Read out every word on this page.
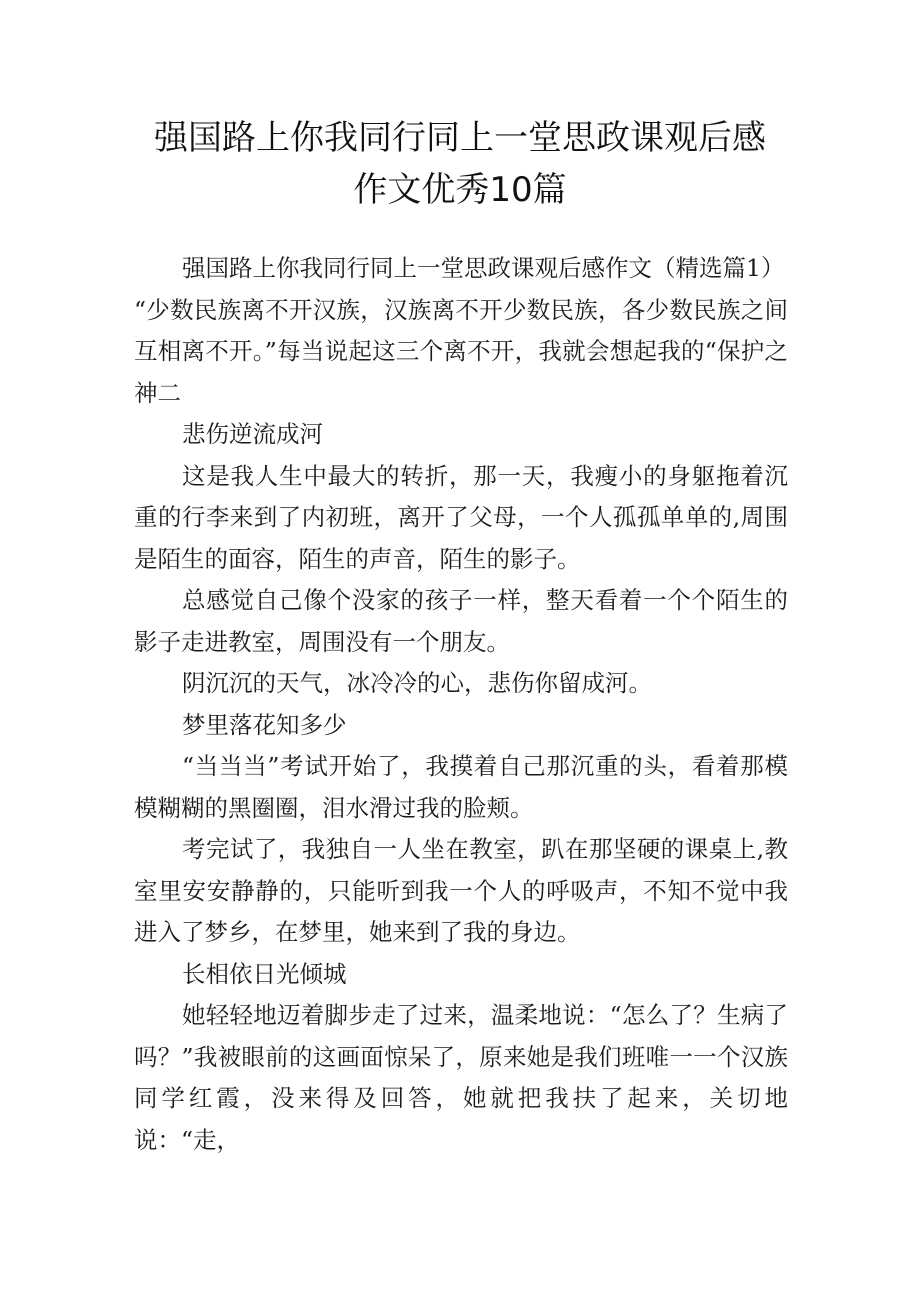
强国路上你我同行同上一堂思政课观后感
作文优秀10篇

强国路上你我同行同上一堂思政课观后感作文（精选篇1）

“少数民族离不开汉族，汉族离不开少数民族，各少数民族之间互相离不开。”每当说起这三个离不开，我就会想起我的“保护之神二

悲伤逆流成河

这是我人生中最大的转折，那一天，我瘦小的身躯拖着沉重的行李来到了内初班，离开了父母，一个人孤孤单单的,周围是陌生的面容，陌生的声音，陌生的影子。

总感觉自己像个没家的孩子一样，整天看着一个个陌生的影子走进教室，周围没有一个朋友。

阴沉沉的天气，冰冷冷的心，悲伤你留成河。

梦里落花知多少

“当当当”考试开始了，我摸着自己那沉重的头，看着那模模糊糊的黑圈圈，泪水滑过我的脸颊。

考完试了，我独自一人坐在教室，趴在那坚硬的课桌上,教室里安安静静的，只能听到我一个人的呼吸声，不知不觉中我进入了梦乡，在梦里，她来到了我的身边。

长相依日光倾城

她轻轻地迈着脚步走了过来，温柔地说：“怎么了？生病了吗？”我被眼前的这画面惊呆了，原来她是我们班唯一一个汉族同学红霞，没来得及回答，她就把我扶了起来，关切地说：“走，
